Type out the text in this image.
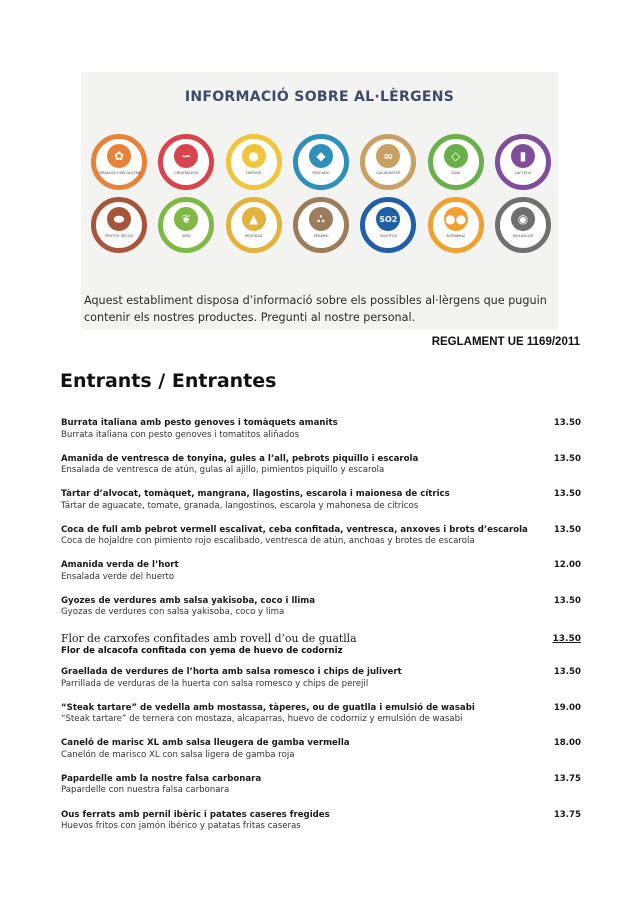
INFORMACIÓ SOBRE AL·LÈRGENS
✿
CEREALES CON GLUTEN
∽
CRUSTÁCEOS
●
HUEVOS
◆
PESCADO
∞
CACAHUETES
◇
SOJA
▮
LÁCTEOS
⬬
FRUTOS SECOS
❦
APIO
▲
MOSTAZA
∴
SÉSAMO
SO2
SULFITOS
●●
ALTRAMUZ
◉
MOLUSCOS
Aquest establiment disposa d’informació sobre els possibles al·lèrgens que puguin contenir els nostres productes. Pregunti al nostre personal.
REGLAMENT UE 1169/2011
Entrants / Entrantes
Burrata italiana amb pesto genoves i tomàquets amanits
Burrata italiana con pesto genoves i tomatitos aliñados
13.50
Amanida de ventresca de tonyina, gules a l’all, pebrots piquillo i escarola
Ensalada de ventresca de atún, gulas al ajillo, pimientos piquillo y escarola
13.50
Tàrtar d’alvocat, tomàquet, mangrana, llagostins, escarola i maionesa de cítrics
Tártar de aguacate, tomate, granada, langostinos, escarola y mahonesa de cítricos
13.50
Coca de full amb pebrot vermell escalivat, ceba confitada, ventresca, anxoves i brots d’escarola
Coca de hojaldre con pimiento rojo escalibado, ventresca de atún, anchoas y brotes de escarola
13.50
Amanida verda de l’hort
Ensalada verde del huerto
12.00
Gyozes de verdures amb salsa yakisoba, coco i llima
Gyozas de verdures con salsa yakisoba, coco y lima
13.50
Flor de carxofes confitades amb rovell d’ou de guatlla
Flor de alcacofa confitada con yema de huevo de codorniz
13.50
Graellada de verdures de l’horta amb salsa romesco i chips de julivert
Parrillada de verduras de la huerta con salsa romesco y chips de perejil
13.50
“Steak tartare” de vedella amb mostassa, tàperes, ou de guatlla i emulsió de wasabi
“Steak tartare” de ternera con mostaza, alcaparras, huevo de codorniz y emulsión de wasabi
19.00
Canelό de marisc XL amb salsa lleugera de gamba vermella
Canelón de marisco XL con salsa ligera de gamba roja
18.00
Papardelle amb la nostre falsa carbonara
Papardelle con nuestra falsa carbonara
13.75
Ous ferrats amb pernil ibèric i patates caseres fregides
Huevos fritos con jamón ibérico y patatas fritas caseras
13.75
